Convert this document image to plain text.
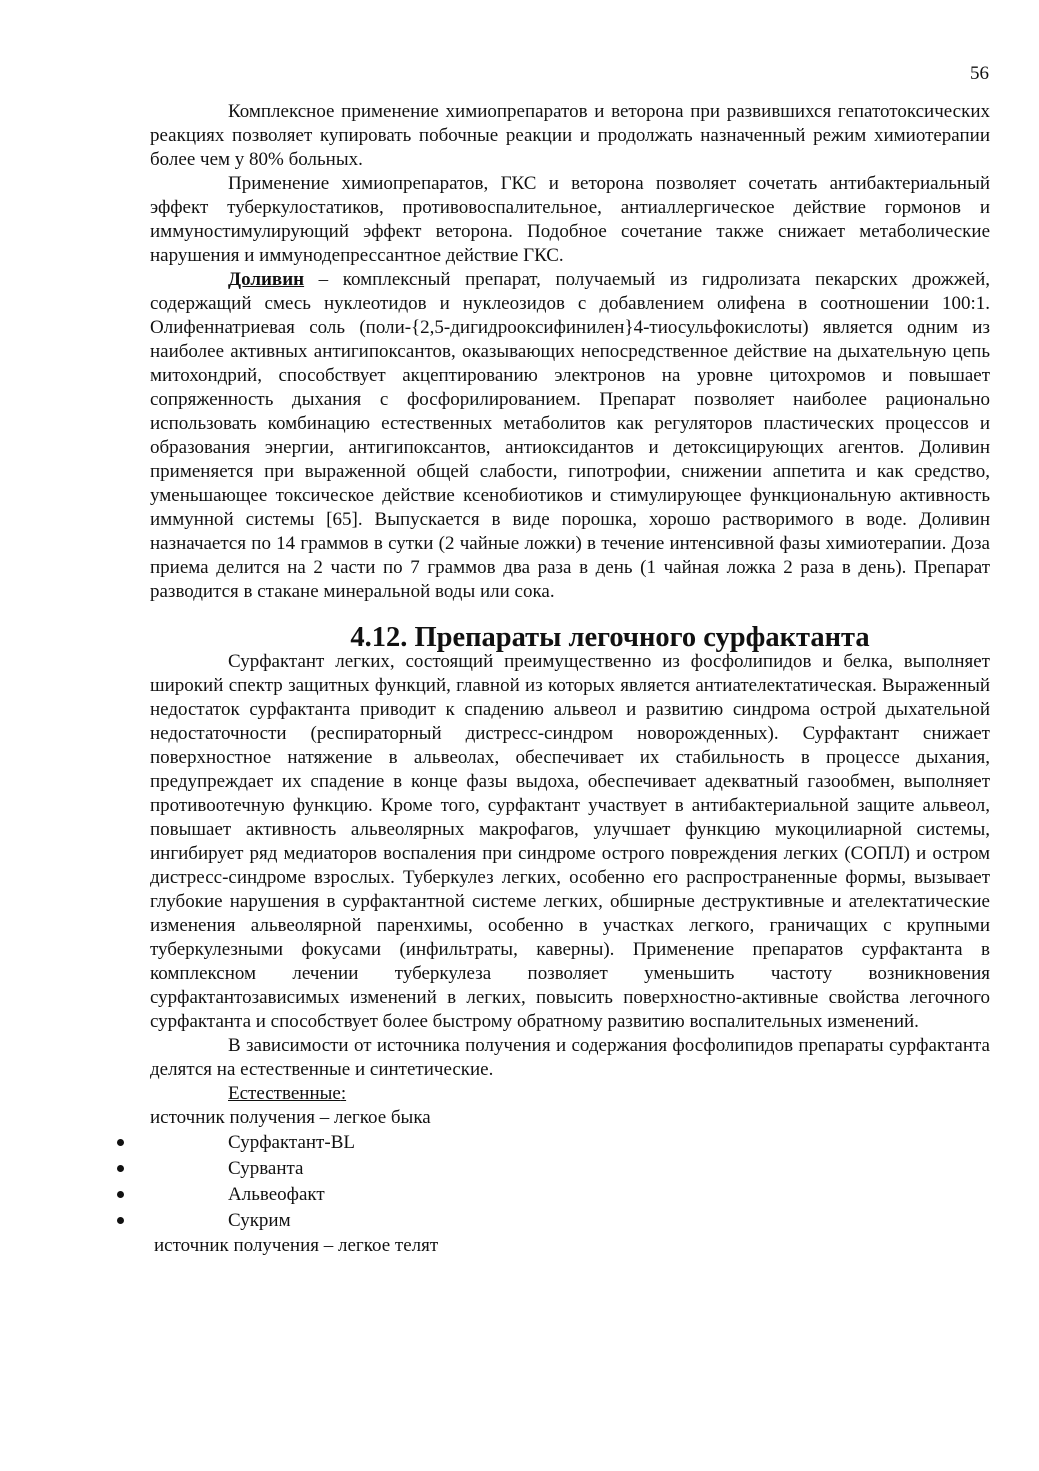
56

Комплексное применение химиопрепаратов и веторона при развившихся гепатотоксических реакциях позволяет купировать побочные реакции и продолжать назначенный режим химиотерапии более чем у 80% больных.

Применение химиопрепаратов, ГКС и веторона позволяет сочетать антибактериальный эффект туберкулостатиков, противовоспалительное, антиаллергическое действие гормонов и иммуностимулирующий эффект веторона. Подобное сочетание также снижает метаболические нарушения и иммунодепрессантное действие ГКС.

Доливин – комплексный препарат, получаемый из гидролизата пекарских дрожжей, содержащий смесь нуклеотидов и нуклеозидов с добавлением олифена в соотношении 100:1. Олифеннатриевая соль (поли-{2,5-дигидрооксифинилен}4-тиосульфокислоты) является одним из наиболее активных антигипоксантов, оказывающих непосредственное действие на дыхательную цепь митохондрий, способствует акцептированию электронов на уровне цитохромов и повышает сопряженность дыхания с фосфорилированием. Препарат позволяет наиболее рационально использовать комбинацию естественных метаболитов как регуляторов пластических процессов и образования энергии, антигипоксантов, антиоксидантов и детоксицирующих агентов. Доливин применяется при выраженной общей слабости, гипотрофии, снижении аппетита и как средство, уменьшающее токсическое действие ксенобиотиков и стимулирующее функциональную активность иммунной системы [65]. Выпускается в виде порошка, хорошо растворимого в воде. Доливин назначается по 14 граммов в сутки (2 чайные ложки) в течение интенсивной фазы химиотерапии. Доза приема делится на 2 части по 7 граммов два раза в день (1 чайная ложка 2 раза в день). Препарат разводится в стакане минеральной воды или сока.

4.12. Препараты легочного сурфактанта

Сурфактант легких, состоящий преимущественно из фосфолипидов и белка, выполняет широкий спектр защитных функций, главной из которых является антиателектатическая. Выраженный недостаток сурфактанта приводит к спадению альвеол и развитию синдрома острой дыхательной недостаточности (респираторный дистресс-синдром новорожденных). Сурфактант снижает поверхностное натяжение в альвеолах, обеспечивает их стабильность в процессе дыхания, предупреждает их спадение в конце фазы выдоха, обеспечивает адекватный газообмен, выполняет противоотечную функцию. Кроме того, сурфактант участвует в антибактериальной защите альвеол, повышает активность альвеолярных макрофагов, улучшает функцию мукоцилиарной системы, ингибирует ряд медиаторов воспаления при синдроме острого повреждения легких (СОПЛ) и остром дистресс-синдроме взрослых. Туберкулез легких, особенно его распространенные формы, вызывает глубокие нарушения в сурфактантной системе легких, обширные деструктивные и ателектатические изменения альвеолярной паренхимы, особенно в участках легкого, граничащих с крупными туберкулезными фокусами (инфильтраты, каверны). Применение препаратов сурфактанта в комплексном лечении туберкулеза позволяет уменьшить частоту возникновения сурфактантозависимых изменений в легких, повысить поверхностно-активные свойства легочного сурфактанта и способствует более быстрому обратному развитию воспалительных изменений.

В зависимости от источника получения и содержания фосфолипидов препараты сурфактанта делятся на естественные и синтетические.

Естественные:

источник получения – легкое быка

Сурфактант-BL
Сурванта
Альвеофакт
Сукрим

источник получения – легкое телят
